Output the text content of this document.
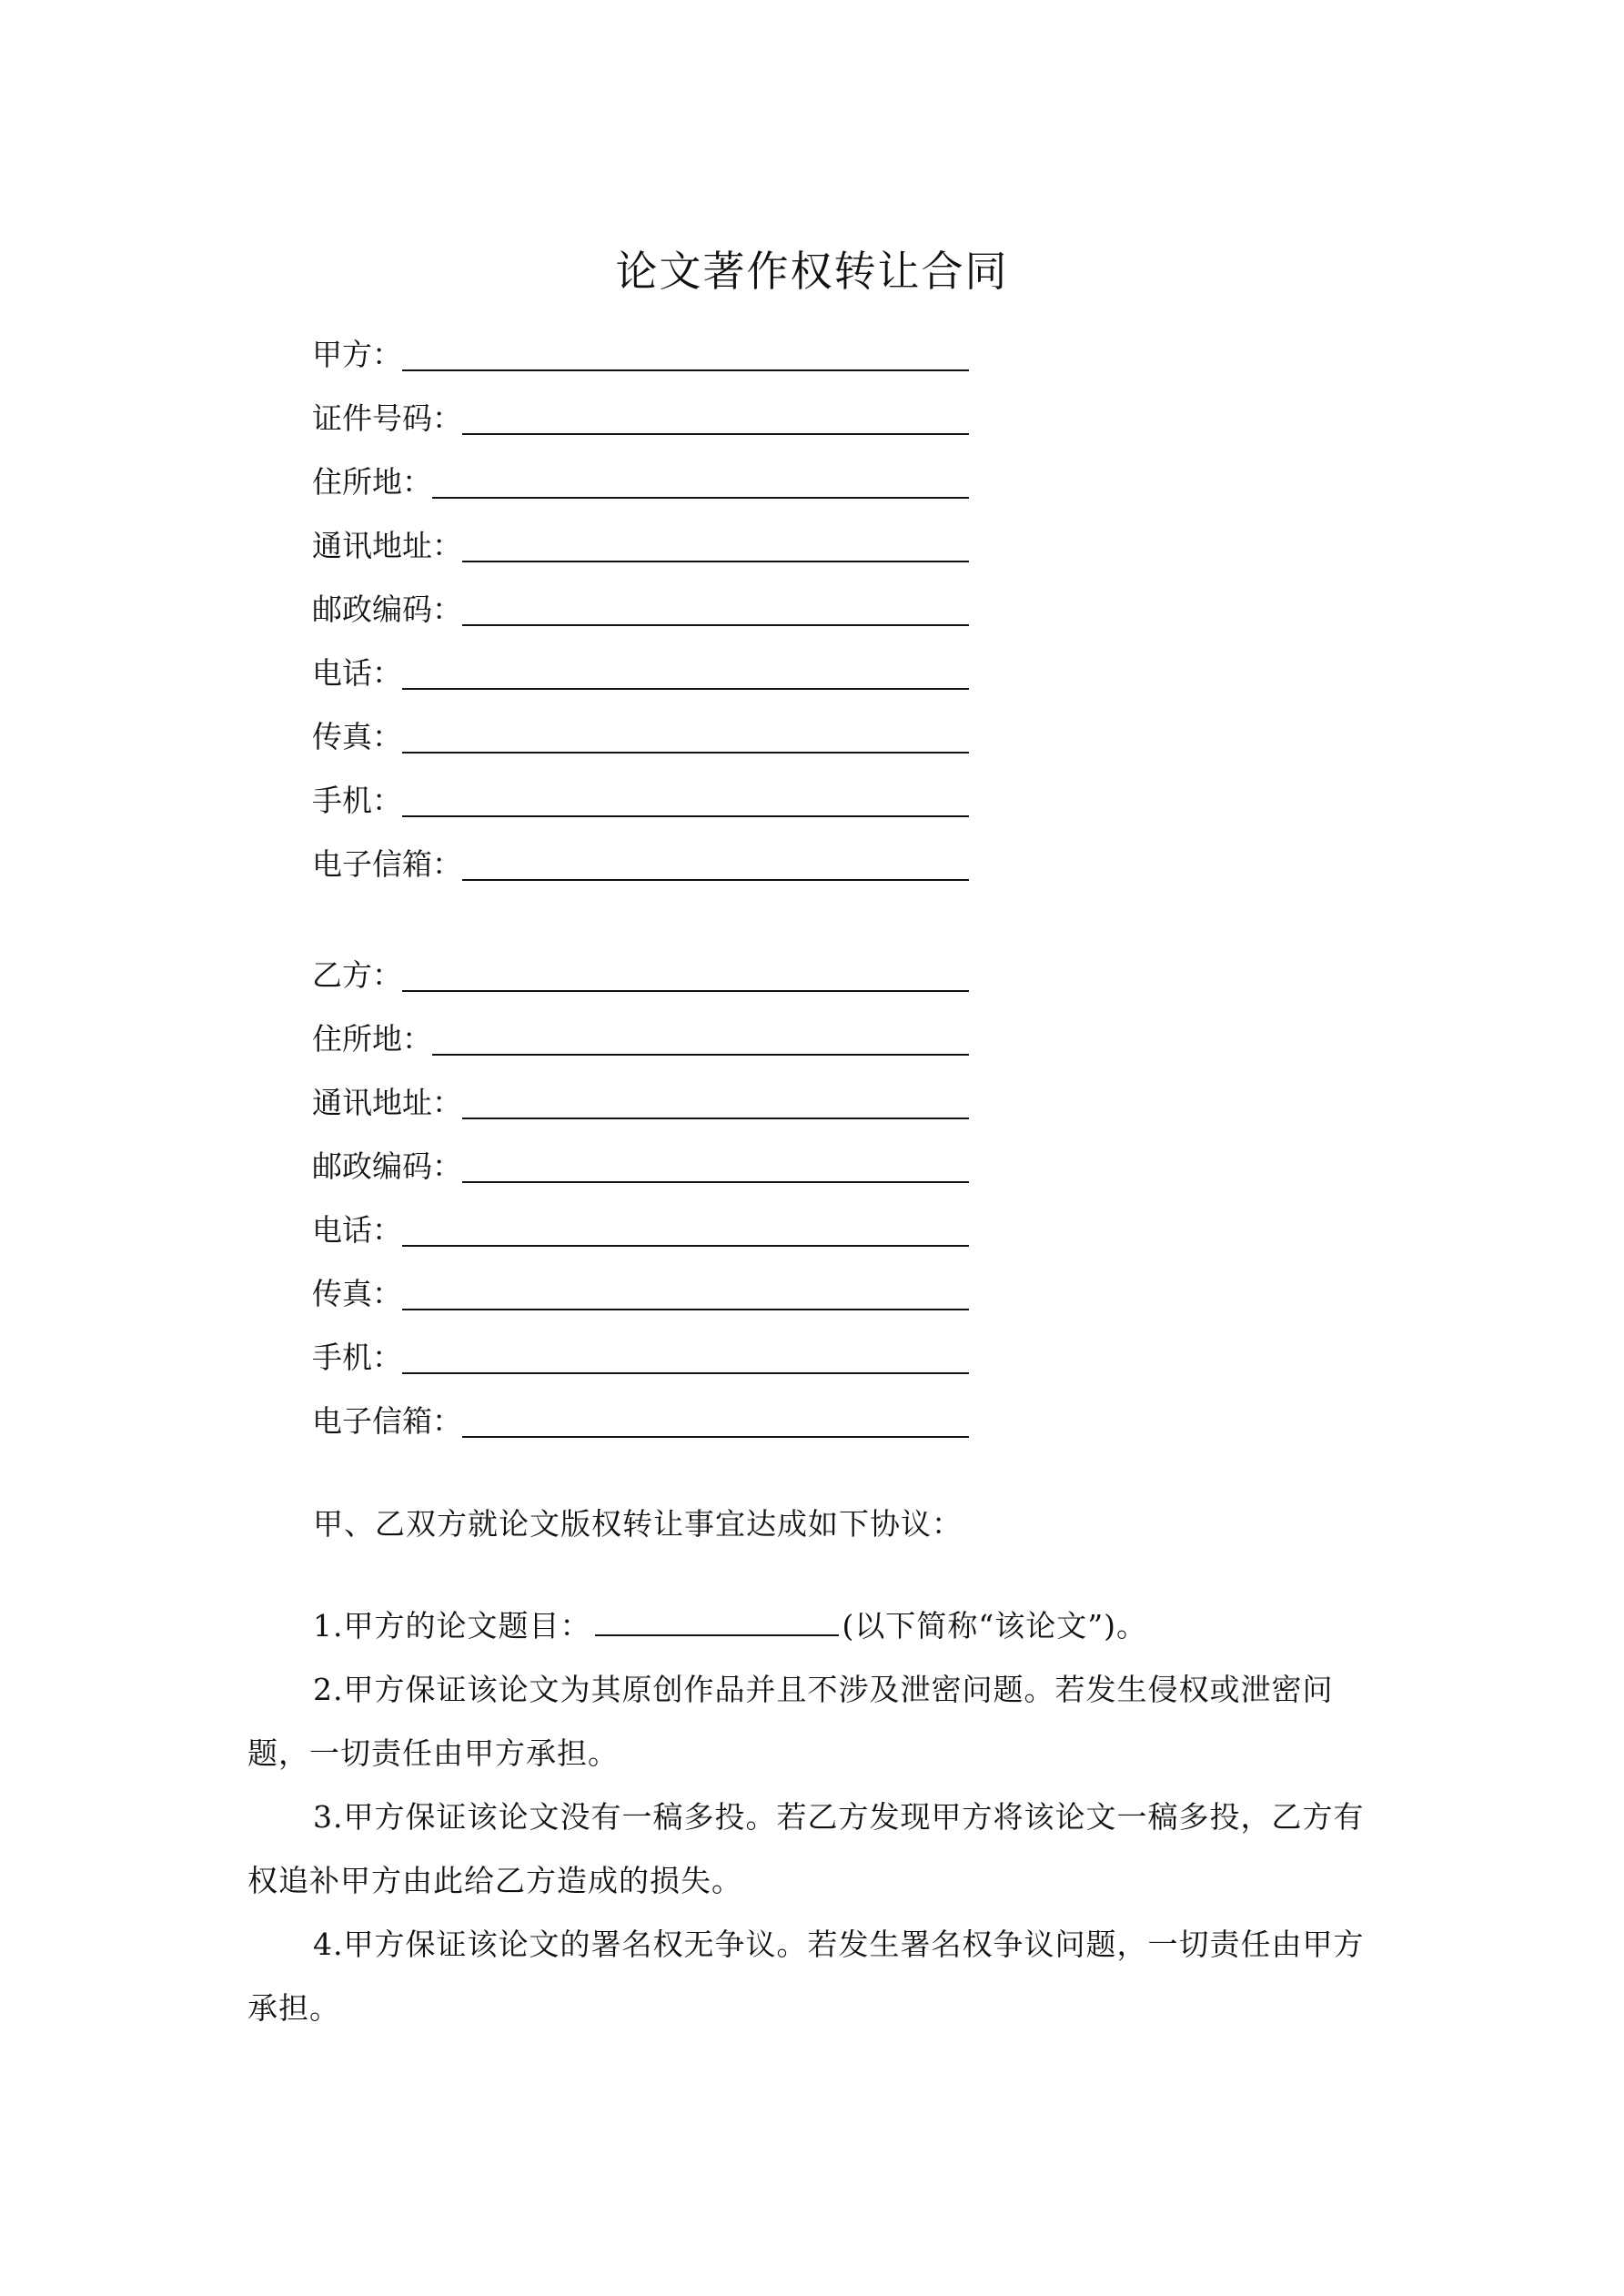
论文著作权转让合同
甲方：
证件号码：
住所地：
通讯地址：
邮政编码：
电话：
传真：
手机：
电子信箱：
乙方：
住所地：
通讯地址：
邮政编码：
电话：
传真：
手机：
电子信箱：
甲、乙双方就论文版权转让事宜达成如下协议：
1.甲方的论文题目：	(以下简称“该论文”)。
2.甲方保证该论文为其原创作品并且不涉及泄密问题。若发生侵权或泄密问题，一切责任由甲方承担。
3.甲方保证该论文没有一稿多投。若乙方发现甲方将该论文一稿多投，乙方有权追补甲方由此给乙方造成的损失。
4.甲方保证该论文的署名权无争议。若发生署名权争议问题，一切责任由甲方承担。
